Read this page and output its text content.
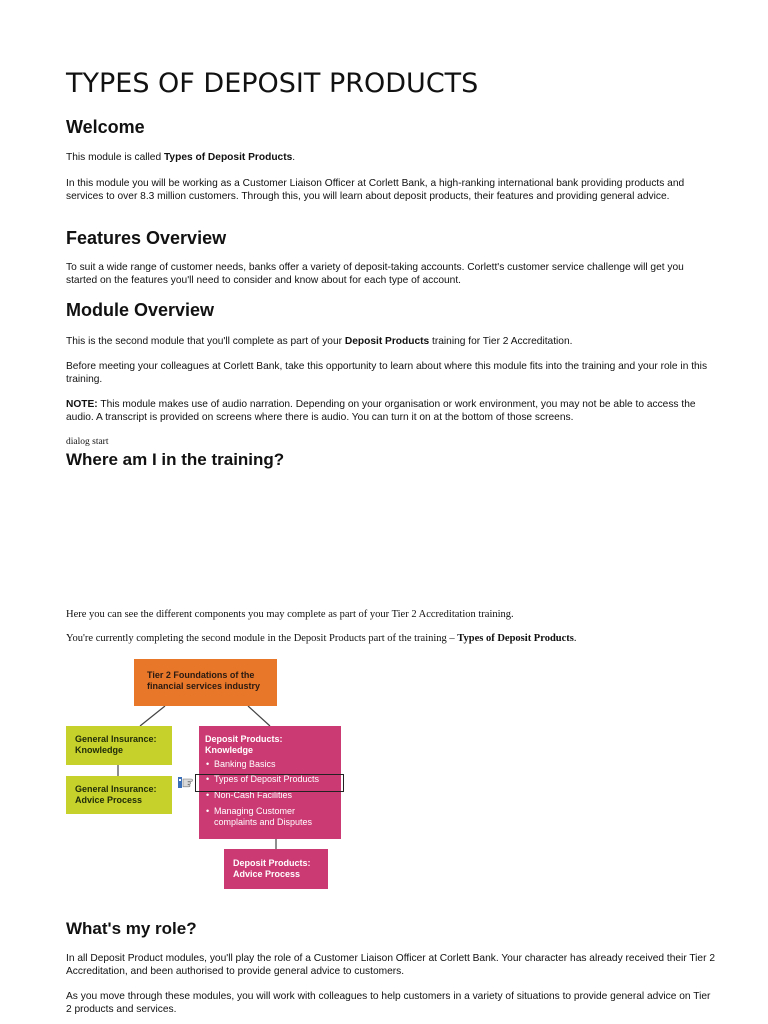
TYPES OF DEPOSIT PRODUCTS
Welcome

This module is called Types of Deposit Products.

In this module you will be working as a Customer Liaison Officer at Corlett Bank, a high-ranking international bank providing products and services to over 8.3 million customers. Through this, you will learn about deposit products, their features and providing general advice.

Features Overview

To suit a wide range of customer needs, banks offer a variety of deposit-taking accounts. Corlett's customer service challenge will get you started on the features you'll need to consider and know about for each type of account.

Module Overview

This is the second module that you'll complete as part of your Deposit Products training for Tier 2 Accreditation.

Before meeting your colleagues at Corlett Bank, take this opportunity to learn about where this module fits into the training and your role in this training.

NOTE: This module makes use of audio narration. Depending on your organisation or work environment, you may not be able to access the audio. A transcript is provided on screens where there is audio. You can turn it on at the bottom of those screens.

dialog start

Where am I in the training?

Here you can see the different components you may complete as part of your Tier 2 Accreditation training.

You're currently completing the second module in the Deposit Products part of the training – Types of Deposit Products.

Tier 2 Foundations of the
financial services industry
General Insurance:
Knowledge
General Insurance:
Advice Process
Deposit Products:
Knowledge
• Banking Basics
• Types of Deposit Products
• Non-Cash Facilities
• Managing Customer complaints and Disputes
Deposit Products:
Advice Process
What's my role?

In all Deposit Product modules, you'll play the role of a Customer Liaison Officer at Corlett Bank. Your character has already received their Tier 2 Accreditation, and been authorised to provide general advice to customers.

As you move through these modules, you will work with colleagues to help customers in a variety of situations to provide general advice on Tier 2 products and services.
